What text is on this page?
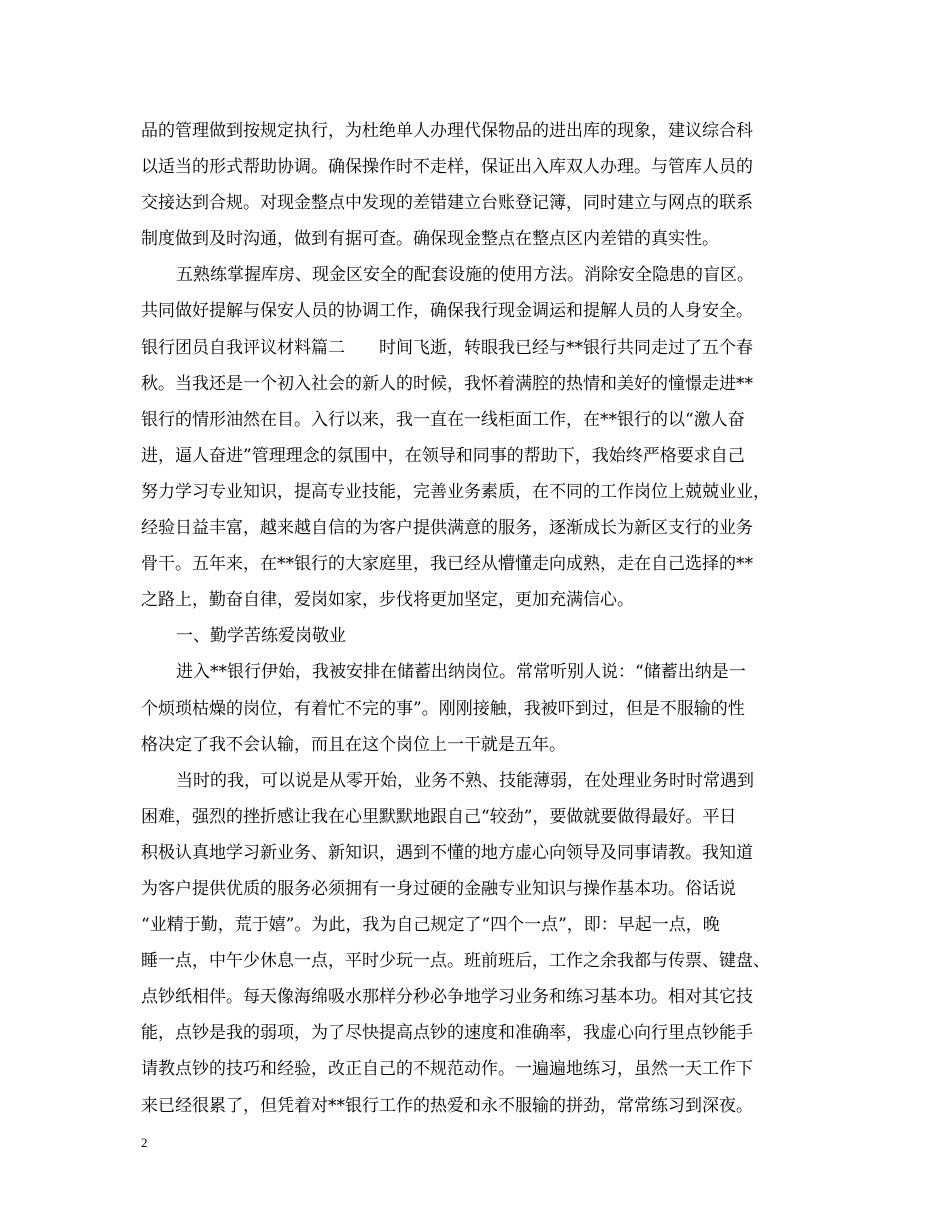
品的管理做到按规定执行，为杜绝单人办理代保物品的进出库的现象，建议综合科
以适当的形式帮助协调。确保操作时不走样，保证出入库双人办理。与管库人员的
交接达到合规。对现金整点中发现的差错建立台账登记簿，同时建立与网点的联系
制度做到及时沟通，做到有据可查。确保现金整点在整点区内差错的真实性。
五熟练掌握库房、现金区安全的配套设施的使用方法。消除安全隐患的盲区。
共同做好提解与保安人员的协调工作，确保我行现金调运和提解人员的人身安全。
银行团员自我评议材料篇二　　时间飞逝，转眼我已经与**银行共同走过了五个春
秋。当我还是一个初入社会的新人的时候，我怀着满腔的热情和美好的憧憬走进**
银行的情形油然在目。入行以来，我一直在一线柜面工作，在**银行的以“激人奋
进，逼人奋进”管理理念的氛围中，在领导和同事的帮助下，我始终严格要求自己
努力学习专业知识，提高专业技能，完善业务素质，在不同的工作岗位上兢兢业业，
经验日益丰富，越来越自信的为客户提供满意的服务，逐渐成长为新区支行的业务
骨干。五年来，在**银行的大家庭里，我已经从懵懂走向成熟，走在自己选择的**
之路上，勤奋自律，爱岗如家，步伐将更加坚定，更加充满信心。
一、勤学苦练爱岗敬业
进入**银行伊始，我被安排在储蓄出纳岗位。常常听别人说：“储蓄出纳是一
个烦琐枯燥的岗位，有着忙不完的事”。刚刚接触，我被吓到过，但是不服输的性
格决定了我不会认输，而且在这个岗位上一干就是五年。
当时的我，可以说是从零开始，业务不熟、技能薄弱，在处理业务时时常遇到
困难，强烈的挫折感让我在心里默默地跟自己“较劲”，要做就要做得最好。平日
积极认真地学习新业务、新知识，遇到不懂的地方虚心向领导及同事请教。我知道
为客户提供优质的服务必须拥有一身过硬的金融专业知识与操作基本功。俗话说
“业精于勤，荒于嬉”。为此，我为自己规定了“四个一点”，即：早起一点，晚
睡一点，中午少休息一点，平时少玩一点。班前班后，工作之余我都与传票、键盘、
点钞纸相伴。每天像海绵吸水那样分秒必争地学习业务和练习基本功。相对其它技
能，点钞是我的弱项，为了尽快提高点钞的速度和准确率，我虚心向行里点钞能手
请教点钞的技巧和经验，改正自己的不规范动作。一遍遍地练习，虽然一天工作下
来已经很累了，但凭着对**银行工作的热爱和永不服输的拼劲，常常练习到深夜。
2
